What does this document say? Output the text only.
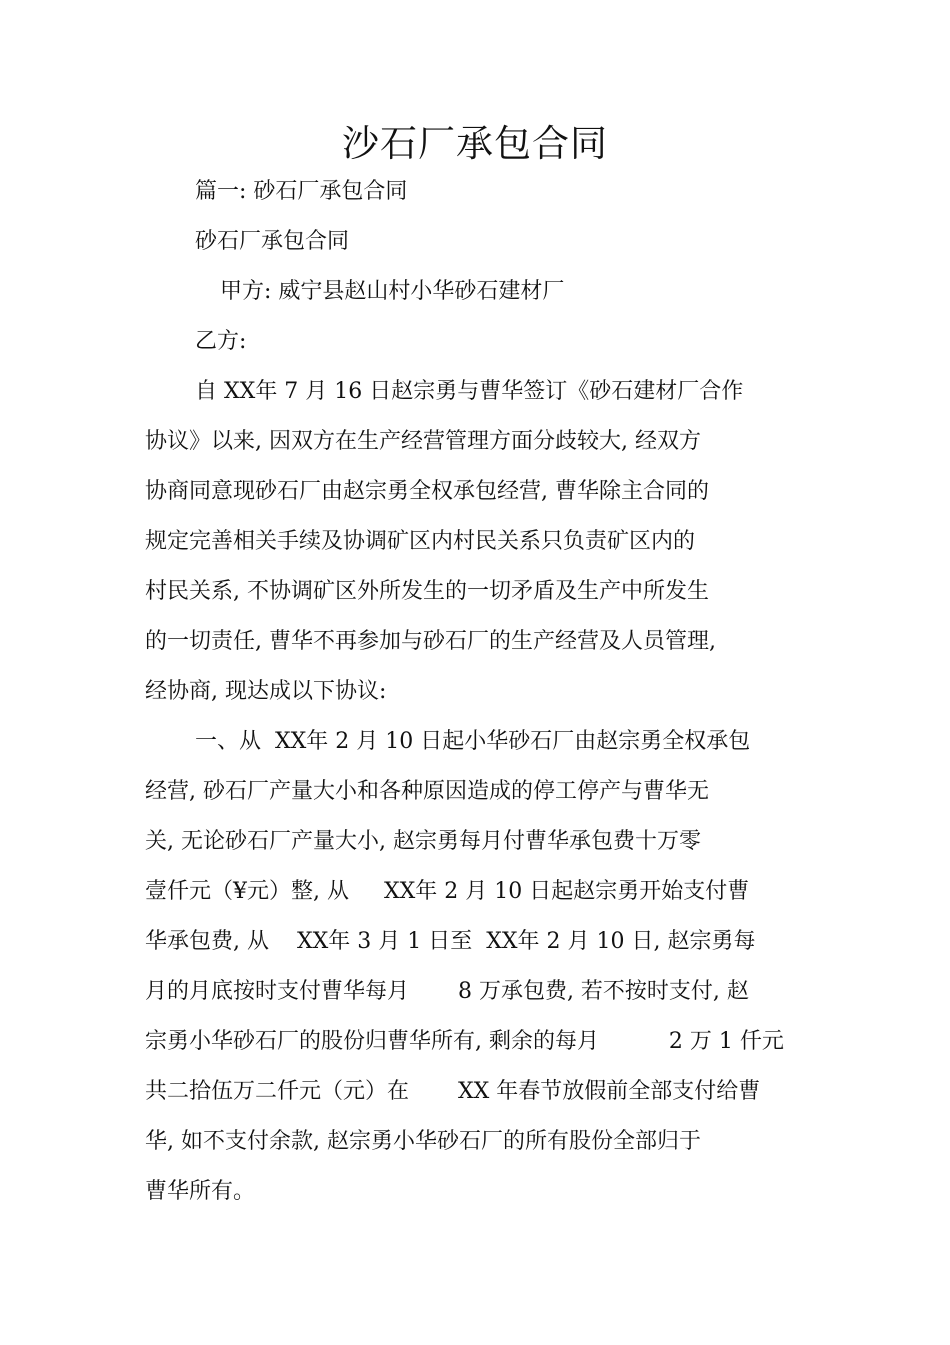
沙石厂承包合同
篇一: 砂石厂承包合同
砂石厂承包合同
甲方: 威宁县赵山村小华砂石建材厂
乙方:
自 XX年 7 月 16 日赵宗勇与曹华签订《砂石建材厂合作
协议》以来, 因双方在生产经营管理方面分歧较大, 经双方
协商同意现砂石厂由赵宗勇全权承包经营, 曹华除主合同的
规定完善相关手续及协调矿区内村民关系只负责矿区内的
村民关系, 不协调矿区外所发生的一切矛盾及生产中所发生
的一切责任, 曹华不再参加与砂石厂的生产经营及人员管理,
经协商, 现达成以下协议:
一、从  XX年 2 月 10 日起小华砂石厂由赵宗勇全权承包
经营, 砂石厂产量大小和各种原因造成的停工停产与曹华无
关, 无论砂石厂产量大小, 赵宗勇每月付曹华承包费十万零
壹仟元（¥元）整, 从     XX年 2 月 10 日起赵宗勇开始支付曹
华承包费, 从    XX年 3 月 1 日至  XX年 2 月 10 日, 赵宗勇每
月的月底按时支付曹华每月       8 万承包费, 若不按时支付, 赵
宗勇小华砂石厂的股份归曹华所有, 剩余的每月          2 万 1 仟元
共二拾伍万二仟元（元）在       XX 年春节放假前全部支付给曹
华, 如不支付余款, 赵宗勇小华砂石厂的所有股份全部归于
曹华所有。
